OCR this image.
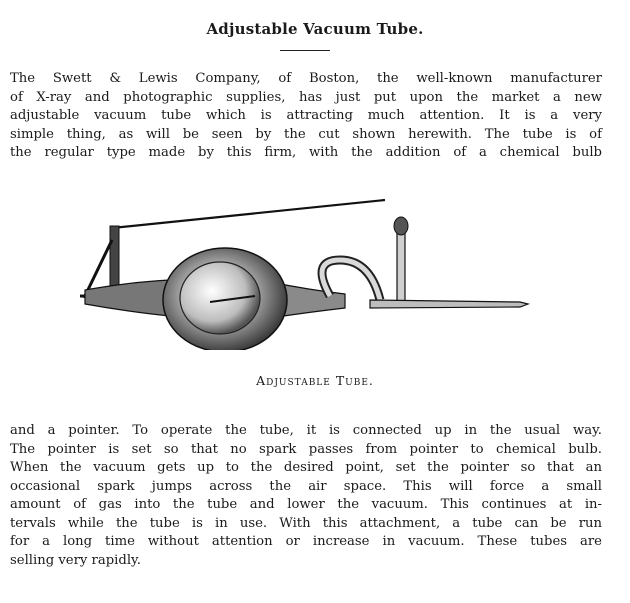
Adjustable Vacuum Tube.
The Swett & Lewis Company, of Boston, the well-known manufacturer
of X-ray and photographic supplies, has just put upon the market a new
adjustable vacuum tube which is attracting much attention. It is a very
simple thing, as will be seen by the cut shown herewith. The tube is of
the regular type made by this firm, with the addition of a chemical bulb
Adjustable Tube.
and a pointer. To operate the tube, it is connected up in the usual way.
The pointer is set so that no spark passes from pointer to chemical bulb.
When the vacuum gets up to the desired point, set the pointer so that an
occasional spark jumps across the air space. This will force a small
amount of gas into the tube and lower the vacuum. This continues at in-
tervals while the tube is in use. With this attachment, a tube can be run
for a long time without attention or increase in vacuum. These tubes are
selling very rapidly.
